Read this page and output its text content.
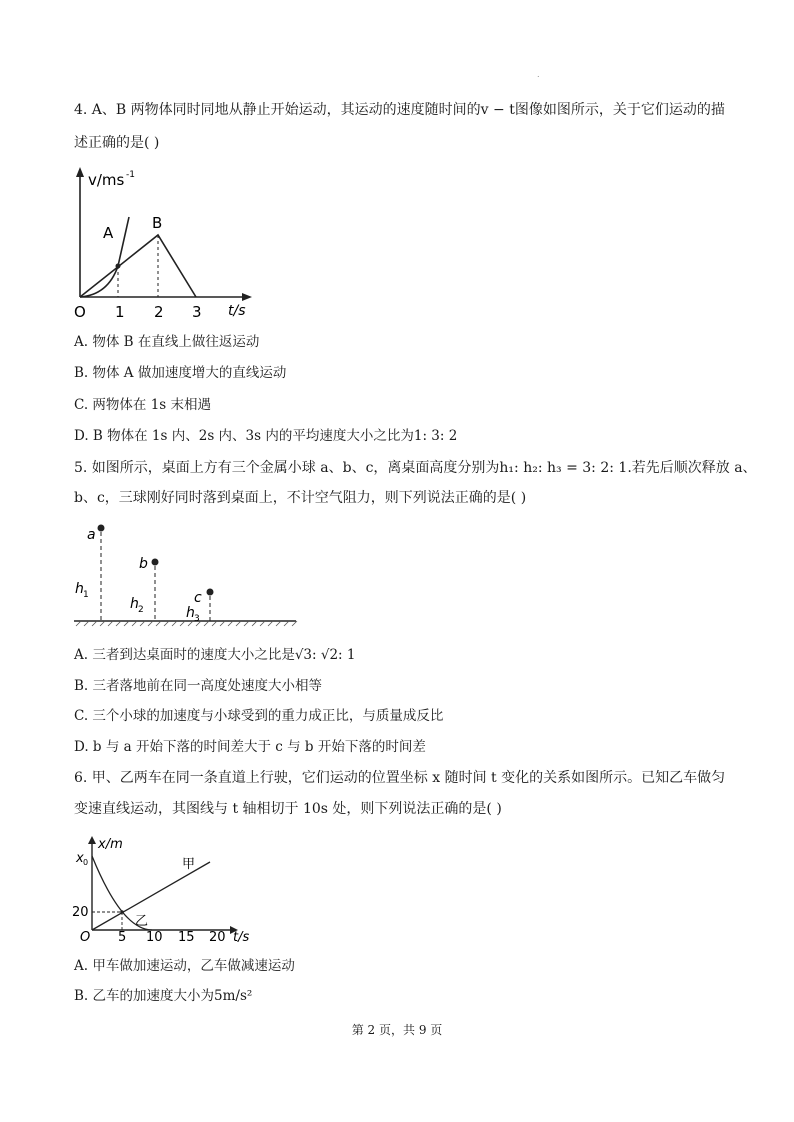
.
4. A、B 两物体同时同地从静止开始运动，其运动的速度随时间的v − t图像如图所示，关于它们运动的描
述正确的是( )
v/ms -1
O 1 2 3 t/s
A
B
A. 物体 B 在直线上做往返运动
B. 物体 A 做加速度增大的直线运动
C. 两物体在 1s 末相遇
D. B 物体在 1s 内、2s 内、3s 内的平均速度大小之比为1: 3: 2
5. 如图所示，桌面上方有三个金属小球 a、b、c，离桌面高度分别为h₁: h₂: h₃ = 3: 2: 1.若先后顺次释放 a、
b、c，三球刚好同时落到桌面上，不计空气阻力，则下列说法正确的是( )
a
h 1
b
h 2
c
h 3
A. 三者到达桌面时的速度大小之比是√3: √2: 1
B. 三者落地前在同一高度处速度大小相等
C. 三个小球的加速度与小球受到的重力成正比，与质量成反比
D. b 与 a 开始下落的时间差大于 c 与 b 开始下落的时间差
6. 甲、乙两车在同一条直道上行驶，它们运动的位置坐标 x 随时间 t 变化的关系如图所示。已知乙车做匀
变速直线运动，其图线与 t 轴相切于 10s 处，则下列说法正确的是( )
x/m
x 0
20
O 5 10 15 20 t/s
甲
乙
A. 甲车做加速运动，乙车做减速运动
B. 乙车的加速度大小为5m/s²
第 2 页，共 9 页
